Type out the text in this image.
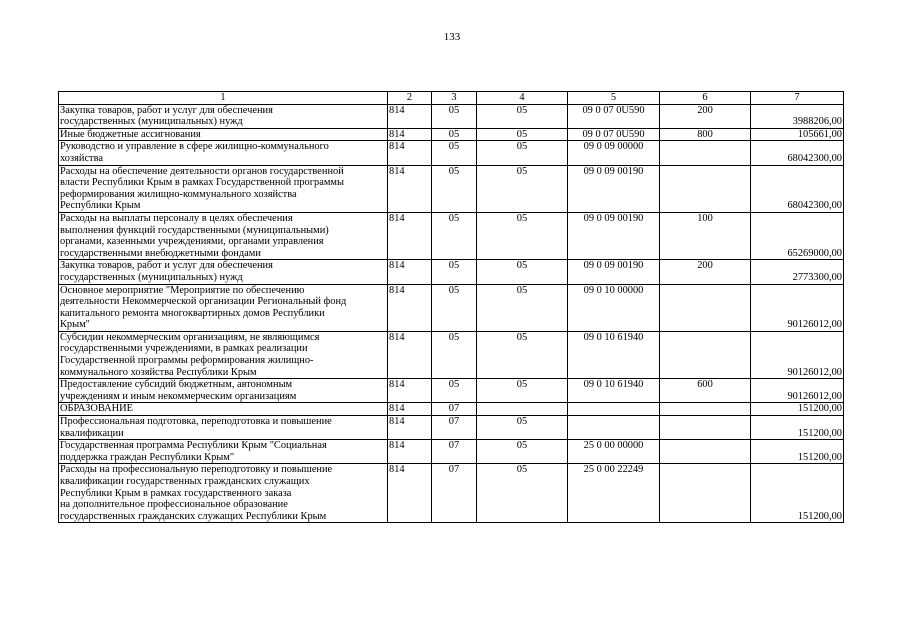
133
1	2	3	4	5	6	7

Закупка товаров, работ и услуг для обеспечения
государственных (муниципальных) нужд	814	05	05	09 0 07 0U590	200	3988206,00

Иные бюджетные ассигнования	814	05	05	09 0 07 0U590	800	105661,00

Руководство и управление в сфере жилищно-коммунального
хозяйства	814	05	05	09 0 09 00000		68042300,00

Расходы на обеспечение деятельности органов государственной
власти Республики Крым в рамках Государственной программы
реформирования жилищно-коммунального хозяйства
Республики Крым	814	05	05	09 0 09 00190		68042300,00

Расходы на выплаты персоналу в целях обеспечения
выполнения функций государственными (муниципальными)
органами, казенными учреждениями, органами управления
государственными внебюджетными фондами	814	05	05	09 0 09 00190	100	65269000,00

Закупка товаров, работ и услуг для обеспечения
государственных (муниципальных) нужд	814	05	05	09 0 09 00190	200	2773300,00

Основное мероприятие "Мероприятие по обеспечению
деятельности Некоммерческой организации Региональный фонд
капитального ремонта многоквартирных домов Республики
Крым"	814	05	05	09 0 10 00000		90126012,00

Субсидии некоммерческим организациям, не являющимся
государственными учреждениями, в рамках реализации
Государственной программы реформирования жилищно-
коммунального хозяйства Республики Крым	814	05	05	09 0 10 61940		90126012,00

Предоставление субсидий бюджетным, автономным
учреждениям и иным некоммерческим организациям	814	05	05	09 0 10 61940	600	90126012,00

ОБРАЗОВАНИЕ	814	07				151200,00

Профессиональная подготовка, переподготовка и повышение
квалификации	814	07	05			151200,00

Государственная программа Республики Крым "Социальная
поддержка граждан Республики Крым"	814	07	05	25 0 00 00000		151200,00

Расходы на профессиональную переподготовку и повышение
квалификации государственных гражданских служащих
Республики Крым в рамках государственного заказа
на дополнительное профессиональное образование
государственных гражданских служащих Республики Крым	814	07	05	25 0 00 22249		151200,00
